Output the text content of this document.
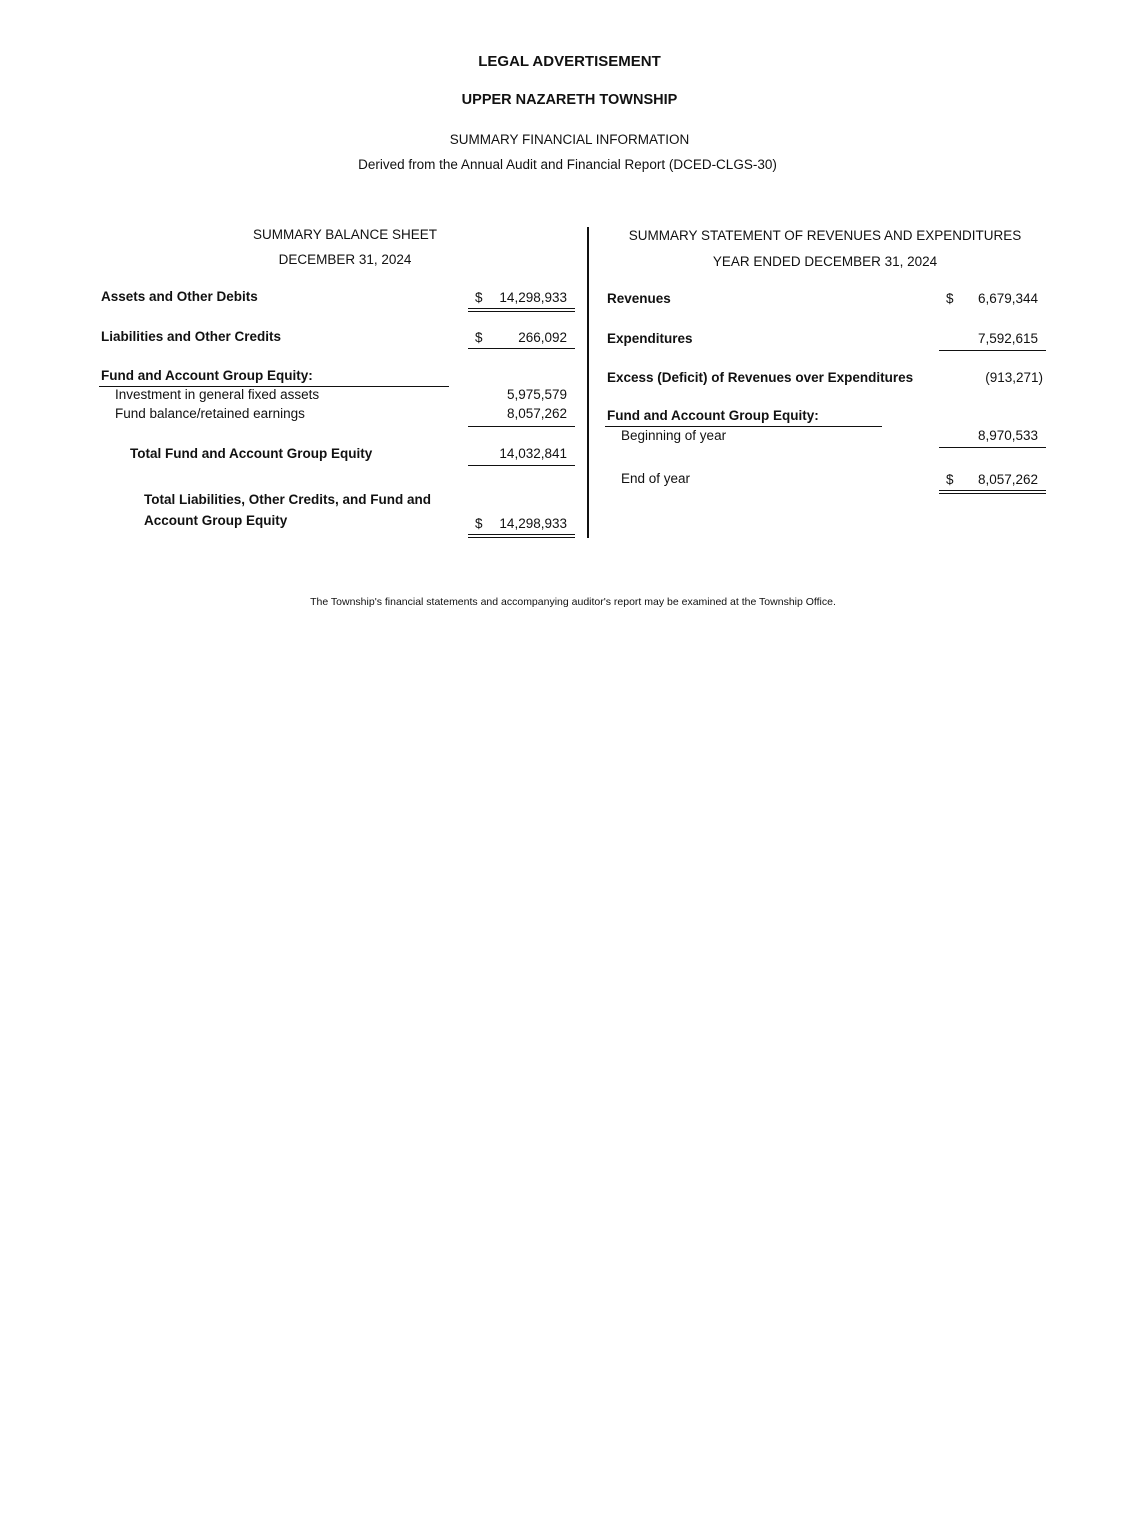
LEGAL ADVERTISEMENT
UPPER NAZARETH TOWNSHIP
SUMMARY FINANCIAL INFORMATION
Derived from the Annual Audit and Financial Report (DCED-CLGS-30)
SUMMARY BALANCE SHEET
DECEMBER 31, 2024
Assets and Other Debits	$	14,298,933
Liabilities and Other Credits	$	266,092
Fund and Account Group Equity:
Investment in general fixed assets	5,975,579
Fund balance/retained earnings	8,057,262
Total Fund and Account Group Equity	14,032,841
Total Liabilities, Other Credits, and Fund and
Account Group Equity	$	14,298,933
SUMMARY STATEMENT OF REVENUES AND EXPENDITURES
YEAR ENDED DECEMBER 31, 2024
Revenues	$	6,679,344
Expenditures	7,592,615
Excess (Deficit) of Revenues over Expenditures	(913,271)
Fund and Account Group Equity:
Beginning of year	8,970,533
End of year	$	8,057,262
The Township's financial statements and accompanying auditor's report may be examined at the Township Office.
